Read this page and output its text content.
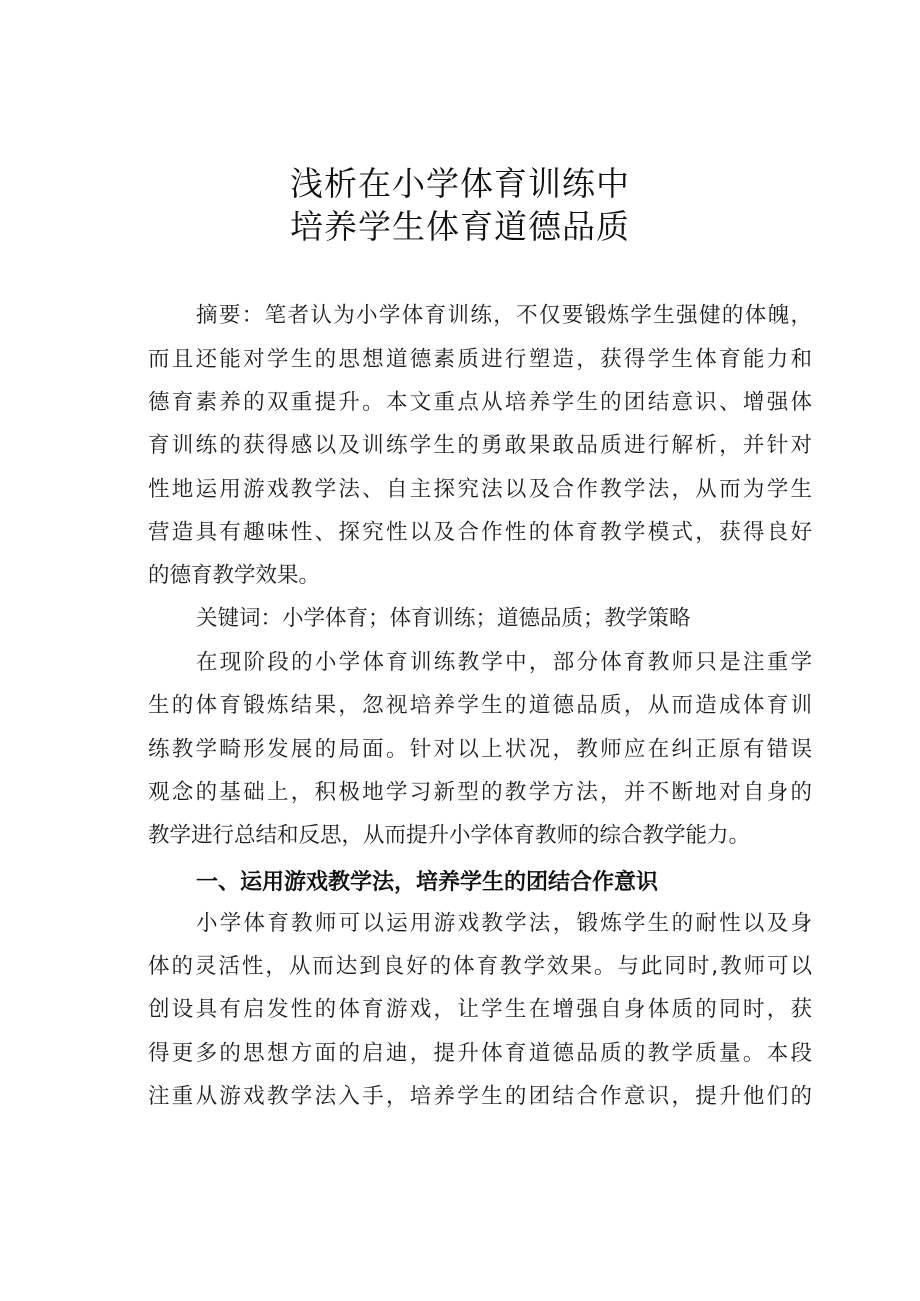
浅析在小学体育训练中
培养学生体育道德品质
摘要：笔者认为小学体育训练，不仅要锻炼学生强健的体魄，
而且还能对学生的思想道德素质进行塑造，获得学生体育能力和
德育素养的双重提升。本文重点从培养学生的团结意识、增强体
育训练的获得感以及训练学生的勇敢果敢品质进行解析，并针对
性地运用游戏教学法、自主探究法以及合作教学法，从而为学生
营造具有趣味性、探究性以及合作性的体育教学模式，获得良好
的德育教学效果。
关键词：小学体育；体育训练；道德品质；教学策略
在现阶段的小学体育训练教学中，部分体育教师只是注重学
生的体育锻炼结果，忽视培养学生的道德品质，从而造成体育训
练教学畸形发展的局面。针对以上状况，教师应在纠正原有错误
观念的基础上，积极地学习新型的教学方法，并不断地对自身的
教学进行总结和反思，从而提升小学体育教师的综合教学能力。
一、运用游戏教学法，培养学生的团结合作意识
小学体育教师可以运用游戏教学法，锻炼学生的耐性以及身
体的灵活性，从而达到良好的体育教学效果。与此同时,教师可以
创设具有启发性的体育游戏，让学生在增强自身体质的同时，获
得更多的思想方面的启迪，提升体育道德品质的教学质量。本段
注重从游戏教学法入手，培养学生的团结合作意识，提升他们的
